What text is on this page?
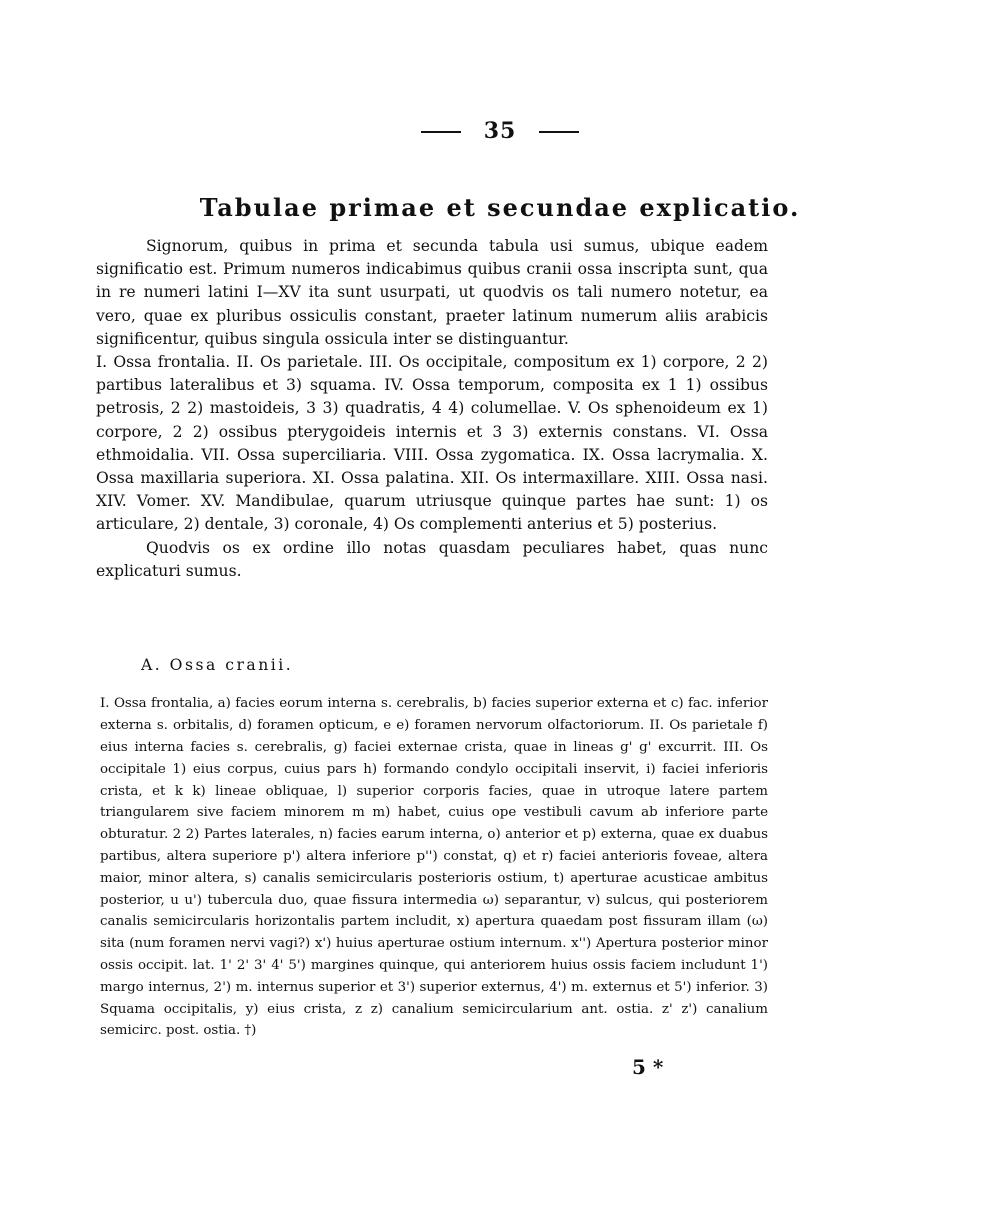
35
Tabulae primae et secundae explicatio.

Signorum, quibus in prima et secunda tabula usi sumus, ubique eadem significatio est. Primum numeros indicabimus quibus cranii ossa inscripta sunt, qua in re numeri latini I—XV ita sunt usurpati, ut quodvis os tali numero notetur, ea vero, quae ex pluribus ossiculis constant, praeter latinum numerum aliis arabicis significentur, quibus singula ossicula inter se distinguantur.

I. Ossa frontalia. II. Os parietale. III. Os occipitale, compositum ex 1) corpore, 2 2) partibus lateralibus et 3) squama. IV. Ossa temporum, composita ex 1 1) ossibus petrosis, 2 2) mastoideis, 3 3) quadratis, 4 4) columellae. V. Os sphenoideum ex 1) corpore, 2 2) ossibus pterygoideis internis et 3 3) externis constans. VI. Ossa ethmoidalia. VII. Ossa superciliaria. VIII. Ossa zygomatica. IX. Ossa lacrymalia. X. Ossa maxillaria superiora. XI. Ossa palatina. XII. Os intermaxillare. XIII. Ossa nasi. XIV. Vomer. XV. Mandibulae, quarum utriusque quinque partes hae sunt: 1) os articulare, 2) dentale, 3) coronale, 4) Os complementi anterius et 5) posterius.

Quodvis os ex ordine illo notas quasdam peculiares habet, quas nunc explicaturi sumus.

A. Ossa cranii.

I. Ossa frontalia, a) facies eorum interna s. cerebralis, b) facies superior externa et c) fac. inferior externa s. orbitalis, d) foramen opticum, e e) foramen nervorum olfactoriorum. II. Os parietale f) eius interna facies s. cerebralis, g) faciei externae crista, quae in lineas g' g' excurrit. III. Os occipitale 1) eius corpus, cuius pars h) formando condylo occipitali inservit, i) faciei inferioris crista, et k k) lineae obliquae, l) superior corporis facies, quae in utroque latere partem triangularem sive faciem minorem m m) habet, cuius ope vestibuli cavum ab inferiore parte obturatur. 2 2) Partes laterales, n) facies earum interna, o) anterior et p) externa, quae ex duabus partibus, altera superiore p') altera inferiore p'') constat, q) et r) faciei anterioris foveae, altera maior, minor altera, s) canalis semicircularis posterioris ostium, t) aperturae acusticae ambitus posterior, u u') tubercula duo, quae fissura intermedia ω) separantur, v) sulcus, qui posteriorem canalis semicircularis horizontalis partem includit, x) apertura quaedam post fissuram illam (ω) sita (num foramen nervi vagi?) x') huius aperturae ostium internum. x'') Apertura posterior minor ossis occipit. lat. 1' 2' 3' 4' 5') margines quinque, qui anteriorem huius ossis faciem includunt 1') margo internus, 2') m. internus superior et 3') superior externus, 4') m. externus et 5') inferior. 3) Squama occipitalis, y) eius crista, z z) canalium semicircularium ant. ostia. z' z') canalium semicirc. post. ostia. †)

5 *
